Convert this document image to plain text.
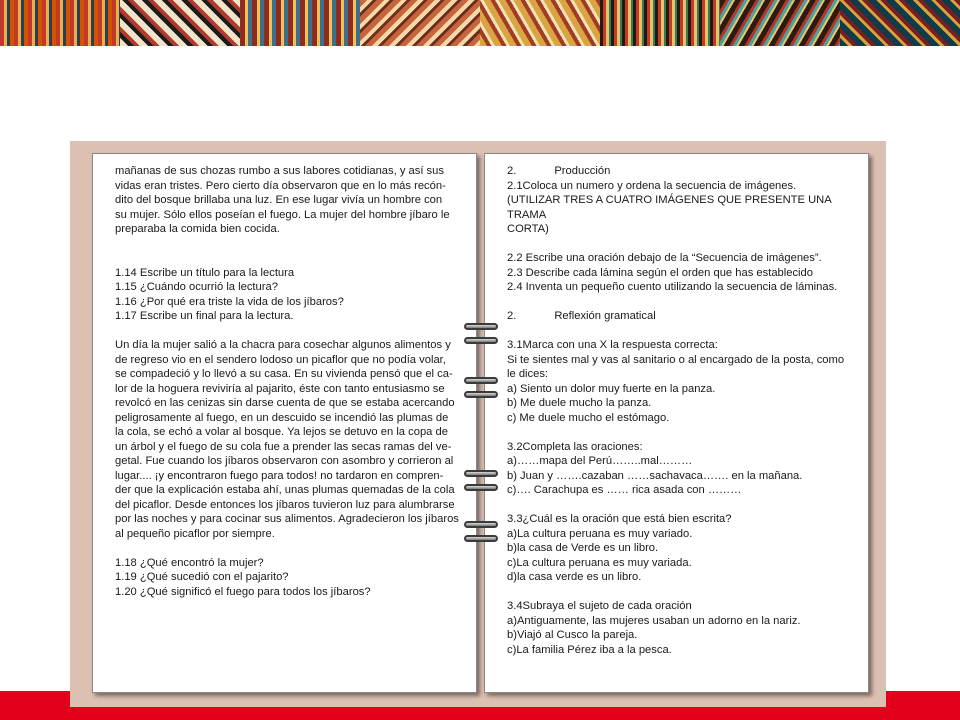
mañanas de sus chozas rumbo a sus labores cotidianas, y así sus

vidas eran tristes. Pero cierto día observaron que en lo más recón-

dito del bosque brillaba una luz. En ese lugar vivía un hombre con

su mujer. Sólo ellos poseían el fuego. La mujer del hombre jíbaro le

preparaba la comida bien cocida.

1.14 Escribe un título para la lectura

1.15 ¿Cuándo ocurrió la lectura?

1.16 ¿Por qué era triste la vida de los jíbaros?

1.17 Escribe un final para la lectura.

Un día la mujer salió a la chacra para cosechar algunos alimentos y

de regreso vio en el sendero lodoso un picaflor que no podía volar,

se compadeció y lo llevó a su casa. En su vivienda pensó que el ca-

lor de la hoguera reviviría al pajarito, éste con tanto entusiasmo se

revolcó en las cenizas sin darse cuenta de que se estaba acercando

peligrosamente al fuego, en un descuido se incendió las plumas de

la cola, se echó a volar al bosque. Ya lejos se detuvo en la copa de

un árbol y el fuego de su cola fue a prender las secas ramas del ve-

getal. Fue cuando los jíbaros observaron con asombro y corrieron al

lugar.... ¡y encontraron fuego para todos! no tardaron en compren-

der que la explicación estaba ahí, unas plumas quemadas de la cola

del picaflor. Desde entonces los jíbaros tuvieron luz para alumbrarse

por las noches y para cocinar sus alimentos. Agradecieron los jíbaros

al pequeño picaflor por siempre.

1.18 ¿Qué encontró la mujer?

1.19 ¿Qué sucedió con el pajarito?

1.20 ¿Qué significó el fuego para todos los jíbaros?

2.	Producción

2.1Coloca un numero y ordena la secuencia de imágenes.

(UTILIZAR TRES A CUATRO IMÁGENES QUE PRESENTE UNA TRAMA

CORTA)

2.2 Escribe una oración debajo de la “Secuencia de imágenes”.

2.3 Describe cada lámina según el orden que has establecido

2.4 Inventa un pequeño cuento utilizando la secuencia de láminas.

2.	Reflexión gramatical

3.1Marca con una X la respuesta correcta:

Si te sientes mal y vas al sanitario o al encargado de la posta, como

le dices:

a) Siento un dolor muy fuerte en la panza.

b) Me duele mucho la panza.

c) Me duele mucho el estómago.

3.2Completa las oraciones:

a)……mapa del Perú……..mal………

b) Juan y …….cazaban ……sachavaca……. en la mañana.

c)…. Carachupa es …… rica asada con ………

3.3¿Cuál es la oración que está bien escrita?

a)La cultura peruana es muy variado.

b)la casa de Verde es un libro.

c)La cultura peruana es muy variada.

d)la casa verde es un libro.

3.4Subraya el sujeto de cada oración

a)Antiguamente, las mujeres usaban un adorno en la nariz.

b)Viajó al Cusco la pareja.

c)La familia Pérez iba a la pesca.
